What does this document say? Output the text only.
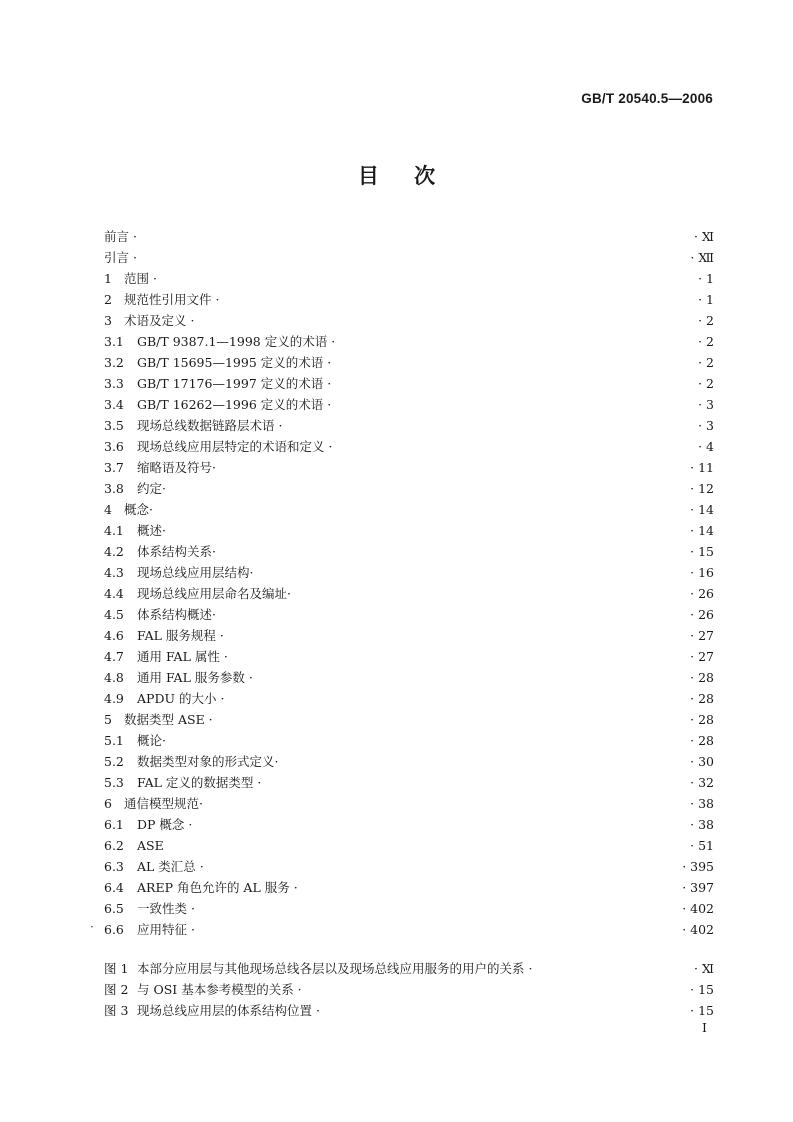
GB/T 20540.5—2006
目 次
前言 ·	· Ⅺ
引言 ·	· Ⅻ
1 范围 ·	· 1
2 规范性引用文件 ·	· 1
3 术语及定义 ·	· 2
3.1 GB/T 9387.1—1998 定义的术语 ·	· 2
3.2 GB/T 15695—1995 定义的术语 ·	· 2
3.3 GB/T 17176—1997 定义的术语 ·	· 2
3.4 GB/T 16262—1996 定义的术语 ·	· 3
3.5 现场总线数据链路层术语 ·	· 3
3.6 现场总线应用层特定的术语和定义 ·	· 4
3.7 缩略语及符号·	· 11
3.8 约定·	· 12
4 概念·	· 14
4.1 概述·	· 14
4.2 体系结构关系·	· 15
4.3 现场总线应用层结构·	· 16
4.4 现场总线应用层命名及编址·	· 26
4.5 体系结构概述·	· 26
4.6 FAL 服务规程 ·	· 27
4.7 通用 FAL 属性 ·	· 27
4.8 通用 FAL 服务参数 ·	· 28
4.9 APDU 的大小 ·	· 28
5 数据类型 ASE ·	· 28
5.1 概论·	· 28
5.2 数据类型对象的形式定义·	· 30
5.3 FAL 定义的数据类型 ·	· 32
6 通信模型规范·	· 38
6.1 DP 概念 ·	· 38
6.2 ASE	· 51
6.3 AL 类汇总 ·	· 395
6.4 AREP 角色允许的 AL 服务 ·	· 397
6.5 一致性类 ·	· 402
6.6 应用特征 ·	· 402
·
图 1 本部分应用层与其他现场总线各层以及现场总线应用服务的用户的关系 ·	· Ⅺ
图 2 与 OSI 基本参考模型的关系 ·	· 15
图 3 现场总线应用层的体系结构位置 ·	· 15
I
